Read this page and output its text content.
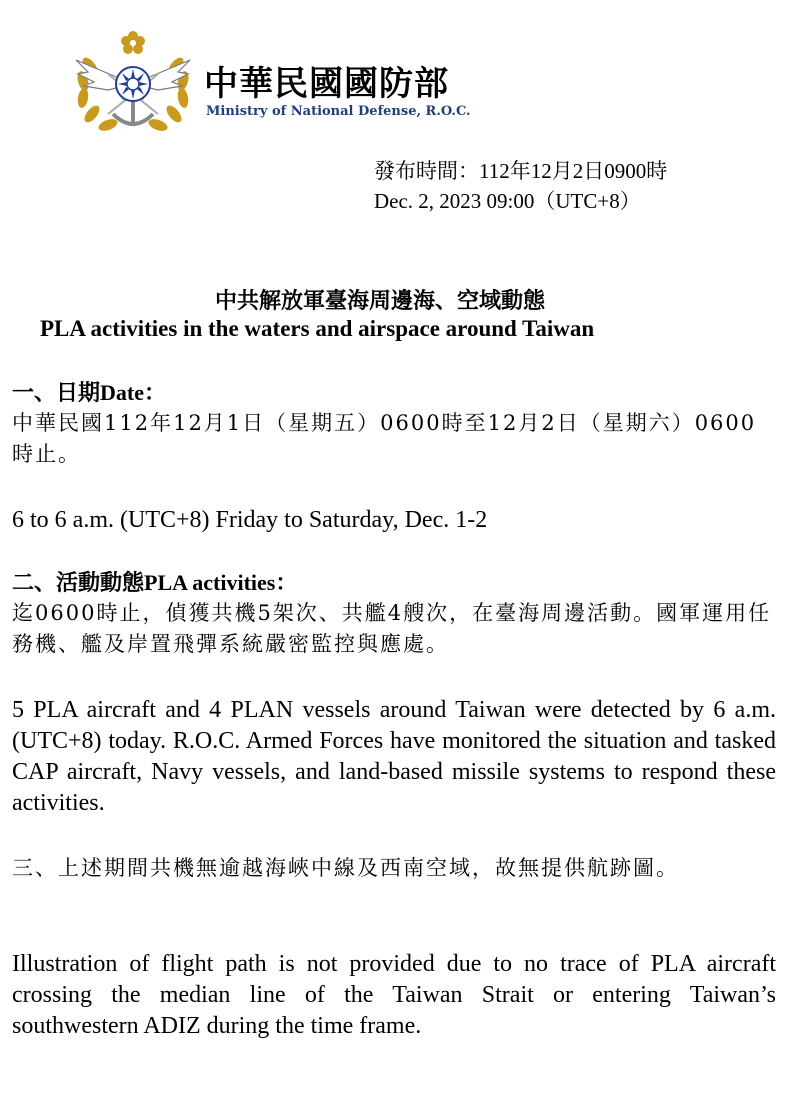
中華民國國防部
Ministry of National Defense, R.O.C.
發布時間：112年12月2日0900時
Dec. 2, 2023 09:00（UTC+8）
中共解放軍臺海周邊海、空域動態
PLA activities in the waters and airspace around Taiwan
一、日期Date：

中華民國112年12月1日（星期五）0600時至12月2日（星期六）0600時止。

6 to 6 a.m. (UTC+8) Friday to Saturday, Dec. 1-2

二、活動動態PLA activities：

迄0600時止，偵獲共機5架次、共艦4艘次，在臺海周邊活動。國軍運用任務機、艦及岸置飛彈系統嚴密監控與應處。

5 PLA aircraft and 4 PLAN vessels around Taiwan were detected by 6 a.m.(UTC+8) today. R.O.C. Armed Forces have monitored the situation and tasked CAP aircraft, Navy vessels, and land-based missile systems to respond these activities.

三、上述期間共機無逾越海峽中線及西南空域，故無提供航跡圖。

Illustration of flight path is not provided due to no trace of PLA aircraft crossing the median line of the Taiwan Strait or entering Taiwan’s southwestern ADIZ during the time frame.
